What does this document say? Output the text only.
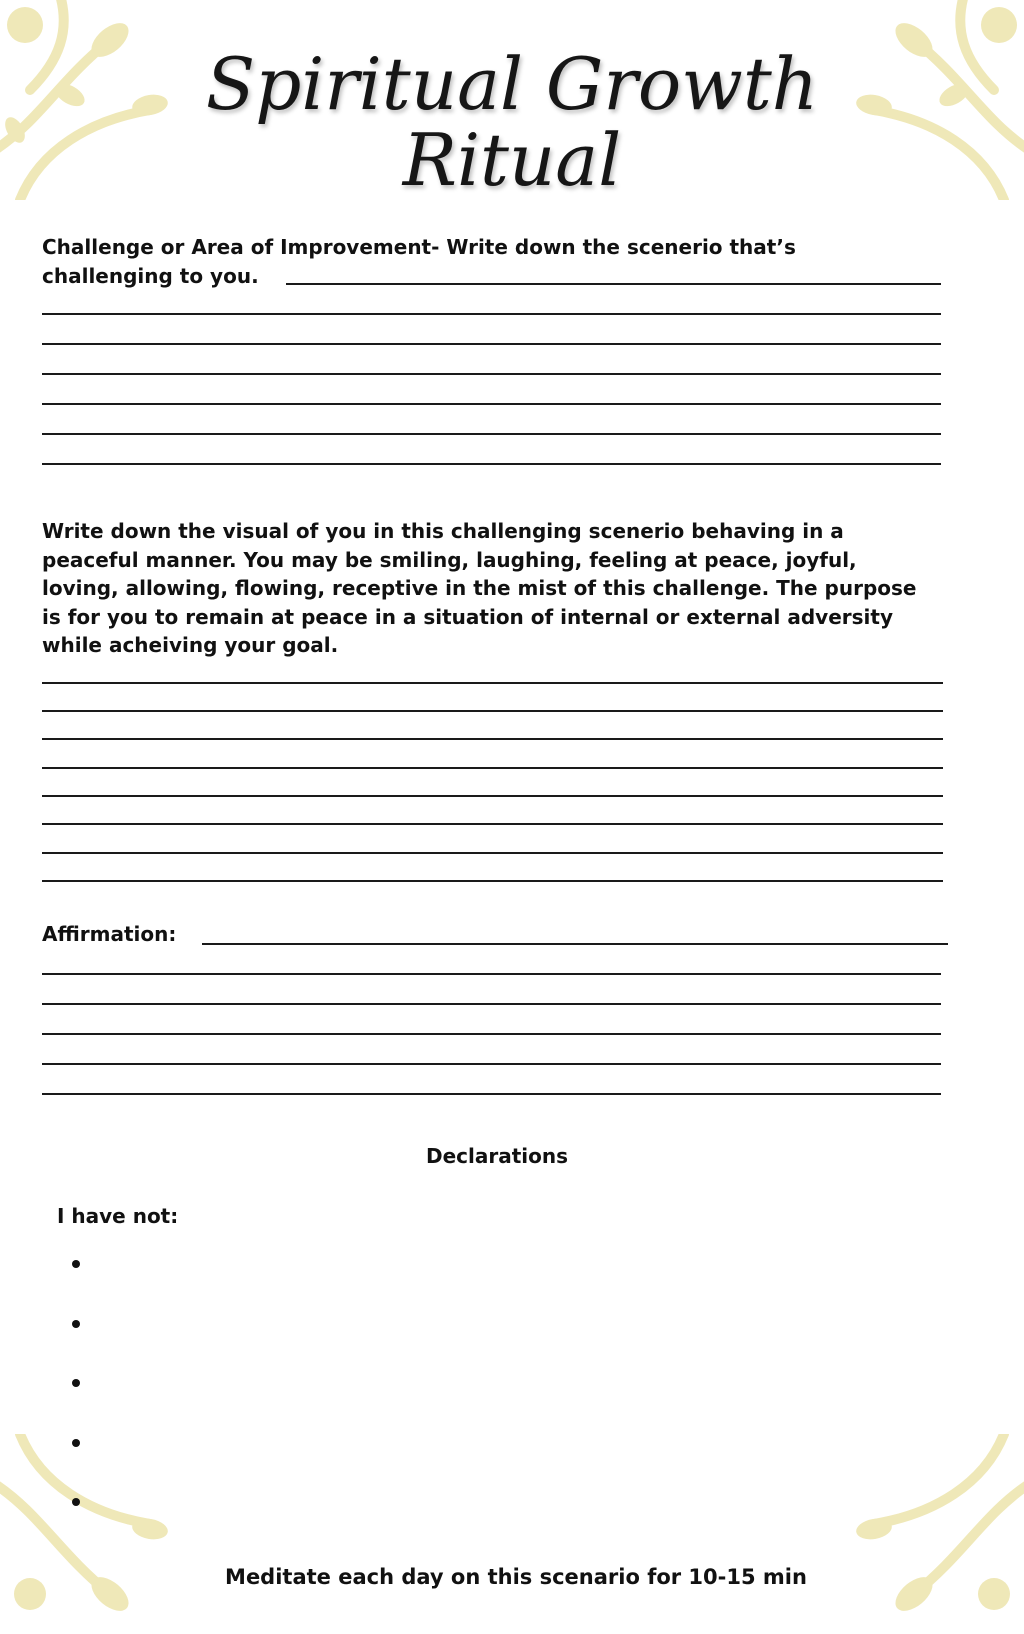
Spiritual Growth
Ritual

Challenge or Area of Improvement- Write down the scenerio that’s

challenging to you.

Write down the visual of you in this challenging scenerio behaving in a

peaceful manner. You may be smiling, laughing, feeling at peace, joyful,

loving, allowing, flowing, receptive in the mist of this challenge. The purpose

is for you to remain at peace in a situation of internal or external adversity

while acheiving your goal.

Affirmation:

Declarations

I have not:

Meditate each day on this scenario for 10-15 min
